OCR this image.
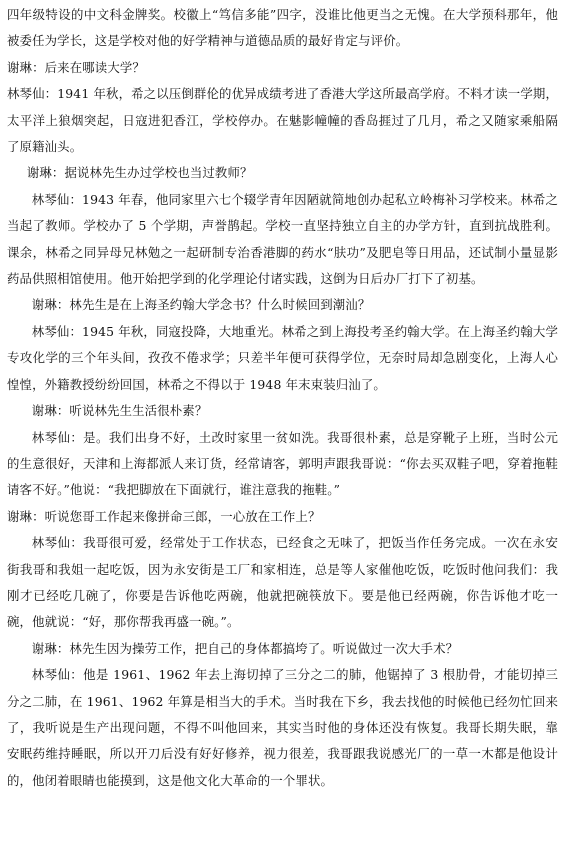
四年级特设的中文科金牌奖。校徽上“笃信多能”四字，没谁比他更当之无愧。在大学预科那年，他被委任为学长，这是学校对他的好学精神与道德品质的最好肯定与评价。

谢琳：后来在哪读大学？

林琴仙：1941 年秋，希之以压倒群伦的优异成绩考进了香港大学这所最高学府。不料才读一学期，太平洋上狼烟突起，日寇进犯香江，学校停办。在魅影幢幢的香岛捱过了几月，希之又随家乘船隔了原籍汕头。

谢琳：据说林先生办过学校也当过教师？

林琴仙：1943 年春，他同家里六七个辍学青年因陋就简地创办起私立岭梅补习学校来。林希之当起了教师。学校办了 5 个学期，声誉鹊起。学校一直坚持独立自主的办学方针，直到抗战胜利。课余，林希之同异母兄林勉之一起研制专治香港脚的药水“肤功”及肥皂等日用品，还试制小量显影药品供照相馆使用。他开始把学到的化学理论付诸实践，这倒为日后办厂打下了初基。

谢琳：林先生是在上海圣约翰大学念书？什么时候回到潮汕？

林琴仙：1945 年秋，同寇投降，大地重光。林希之到上海投考圣约翰大学。在上海圣约翰大学专攻化学的三个年头间，孜孜不倦求学；只差半年便可获得学位，无奈时局却急剧变化，上海人心惶惶，外籍教授纷纷回国，林希之不得以于 1948 年末束装归汕了。

谢琳：听说林先生生活很朴素？

林琴仙：是。我们出身不好，土改时家里一贫如洗。我哥很朴素，总是穿靴子上班，当时公元的生意很好，天津和上海都派人来订货，经常请客，郭明声跟我哥说：“你去买双鞋子吧，穿着拖鞋请客不好。”他说：“我把脚放在下面就行，谁注意我的拖鞋。”

谢琳：听说您哥工作起来像拼命三郎，一心放在工作上？

林琴仙：我哥很可爱，经常处于工作状态，已经食之无味了，把饭当作任务完成。一次在永安街我哥和我姐一起吃饭，因为永安街是工厂和家相连，总是等人家催他吃饭，吃饭时他问我们：我刚才已经吃几碗了，你要是告诉他吃两碗，他就把碗筷放下。要是他已经两碗，你告诉他才吃一碗，他就说：“好，那你帮我再盛一碗。”。

谢琳：林先生因为操劳工作，把自己的身体都搞垮了。听说做过一次大手术？

林琴仙：他是 1961、1962 年去上海切掉了三分之二的肺，他锯掉了 3 根肋骨，才能切掉三分之二肺，在 1961、1962 年算是相当大的手术。当时我在下乡，我去找他的时候他已经勿忙回来了，我听说是生产出现问题，不得不叫他回来，其实当时他的身体还没有恢复。我哥长期失眠，靠安眠药维持睡眠，所以开刀后没有好好修养，视力很差，我哥跟我说感光厂的一草一木都是他设计的，他闭着眼睛也能摸到，这是他文化大革命的一个罪状。
